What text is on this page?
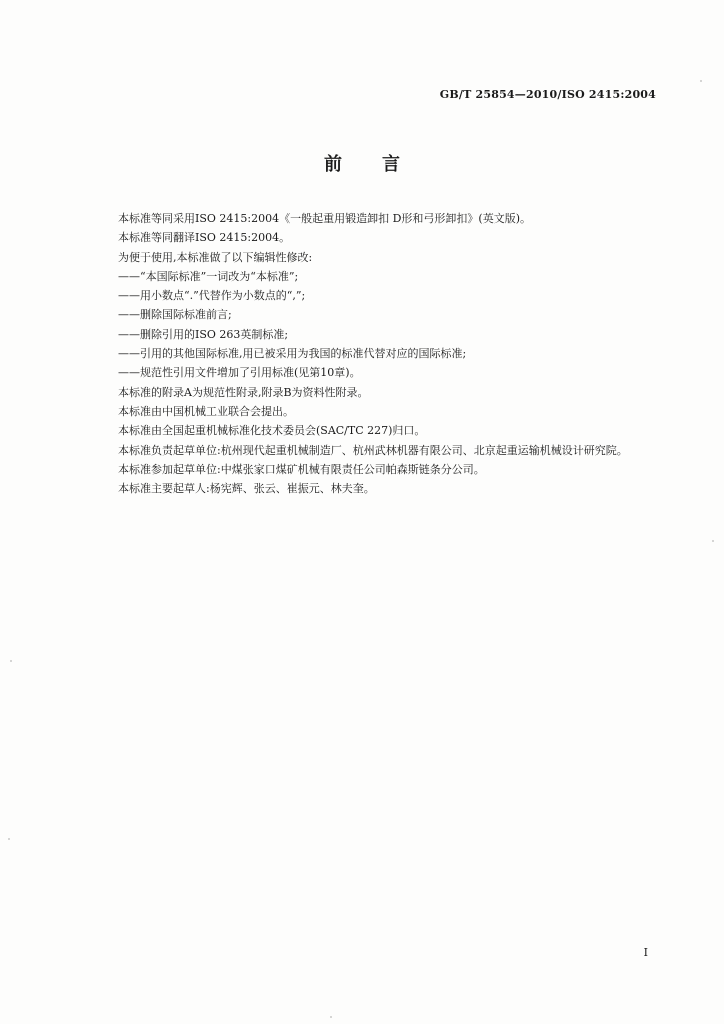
GB/T 25854—2010/ISO 2415:2004
前言

本标准等同采用ISO 2415:2004《一般起重用锻造卸扣 D形和弓形卸扣》(英文版)。

本标准等同翻译ISO 2415:2004。

为便于使用,本标准做了以下编辑性修改:

——“本国际标准”一词改为“本标准”;

——用小数点“.”代替作为小数点的“,”;

——删除国际标准前言;

——删除引用的ISO 263英制标准;

——引用的其他国际标准,用已被采用为我国的标准代替对应的国际标准;

——规范性引用文件增加了引用标准(见第10章)。

本标准的附录A为规范性附录,附录B为资料性附录。

本标准由中国机械工业联合会提出。

本标准由全国起重机械标准化技术委员会(SAC/TC 227)归口。

本标准负责起草单位:杭州现代起重机械制造厂、杭州武林机器有限公司、北京起重运输机械设计研究院。

本标准参加起草单位:中煤张家口煤矿机械有限责任公司帕森斯链条分公司。

本标准主要起草人:杨宪辉、张云、崔振元、林夫奎。

I
